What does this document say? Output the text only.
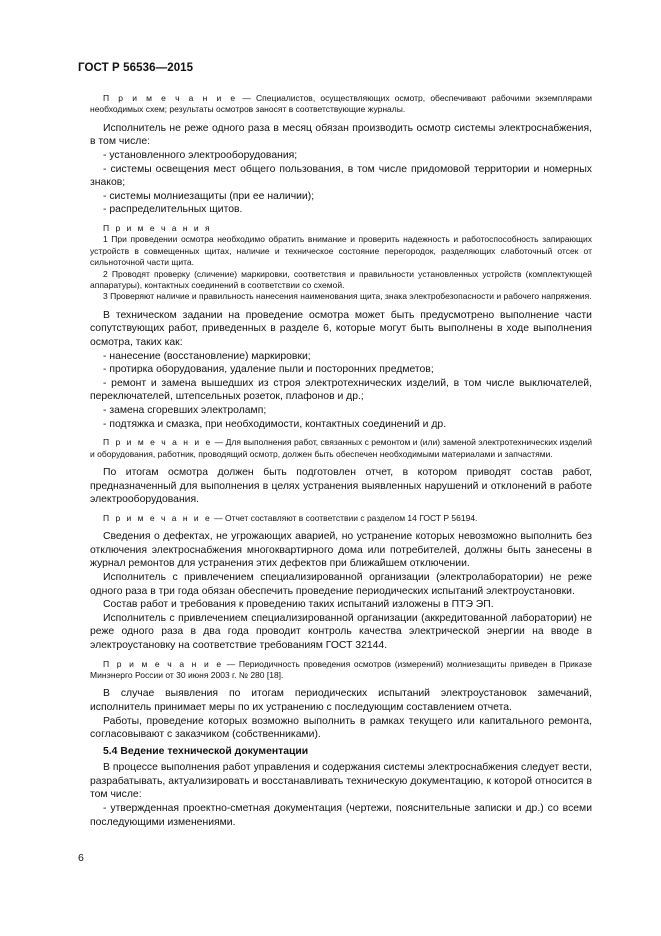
ГОСТ Р 56536—2015

П р и м е ч а н и е — Специалистов, осуществляющих осмотр, обеспечивают рабочими экземплярами необходимых схем; результаты осмотров заносят в соответствующие журналы.

Исполнитель не реже одного раза в месяц обязан производить осмотр системы электроснабжения, в том числе:

- установленного электрооборудования;

- системы освещения мест общего пользования, в том числе придомовой территории и номерных знаков;

- системы молниезащиты (при ее наличии);

- распределительных щитов.

П р и м е ч а н и я

1 При проведении осмотра необходимо обратить внимание и проверить надежность и работоспособность запирающих устройств в совмещенных щитах, наличие и техническое состояние перегородок, разделяющих слаботочный отсек от сильноточной части щита.

2 Проводят проверку (сличение) маркировки, соответствия и правильности установленных устройств (комплектующей аппаратуры), контактных соединений в соответствии со схемой.

3 Проверяют наличие и правильность нанесения наименования щита, знака электробезопасности и рабочего напряжения.

В техническом задании на проведение осмотра может быть предусмотрено выполнение части сопутствующих работ, приведенных в разделе 6, которые могут быть выполнены в ходе выполнения осмотра, таких как:

- нанесение (восстановление) маркировки;

- протирка оборудования, удаление пыли и посторонних предметов;

- ремонт и замена вышедших из строя электротехнических изделий, в том числе выключателей, переключателей, штепсельных розеток, плафонов и др.;

- замена сгоревших электроламп;

- подтяжка и смазка, при необходимости, контактных соединений и др.

П р и м е ч а н и е — Для выполнения работ, связанных с ремонтом и (или) заменой электротехнических изделий и оборудования, работник, проводящий осмотр, должен быть обеспечен необходимыми материалами и запчастями.

По итогам осмотра должен быть подготовлен отчет, в котором приводят состав работ, предназначенный для выполнения в целях устранения выявленных нарушений и отклонений в работе электрооборудования.

П р и м е ч а н и е — Отчет составляют в соответствии с разделом 14 ГОСТ Р 56194.

Сведения о дефектах, не угрожающих аварией, но устранение которых невозможно выполнить без отключения электроснабжения многоквартирного дома или потребителей, должны быть занесены в журнал ремонтов для устранения этих дефектов при ближайшем отключении.

Исполнитель с привлечением специализированной организации (электролаборатории) не реже одного раза в три года обязан обеспечить проведение периодических испытаний электроустановки.

Состав работ и требования к проведению таких испытаний изложены в ПТЭ ЭП.

Исполнитель с привлечением специализированной организации (аккредитованной лаборатории) не реже одного раза в два года проводит контроль качества электрической энергии на вводе в электроустановку на соответствие требованиям ГОСТ 32144.

П р и м е ч а н и е — Периодичность проведения осмотров (измерений) молниезащиты приведен в Приказе Минэнерго России от 30 июня 2003 г. № 280 [18].

В случае выявления по итогам периодических испытаний электроустановок замечаний, исполнитель принимает меры по их устранению с последующим составлением отчета.

Работы, проведение которых возможно выполнить в рамках текущего или капитального ремонта, согласовывают с заказчиком (собственниками).

5.4 Ведение технической документации

В процессе выполнения работ управления и содержания системы электроснабжения следует вести, разрабатывать, актуализировать и восстанавливать техническую документацию, к которой относится в том числе:

- утвержденная проектно-сметная документация (чертежи, пояснительные записки и др.) со всеми последующими изменениями.

6
